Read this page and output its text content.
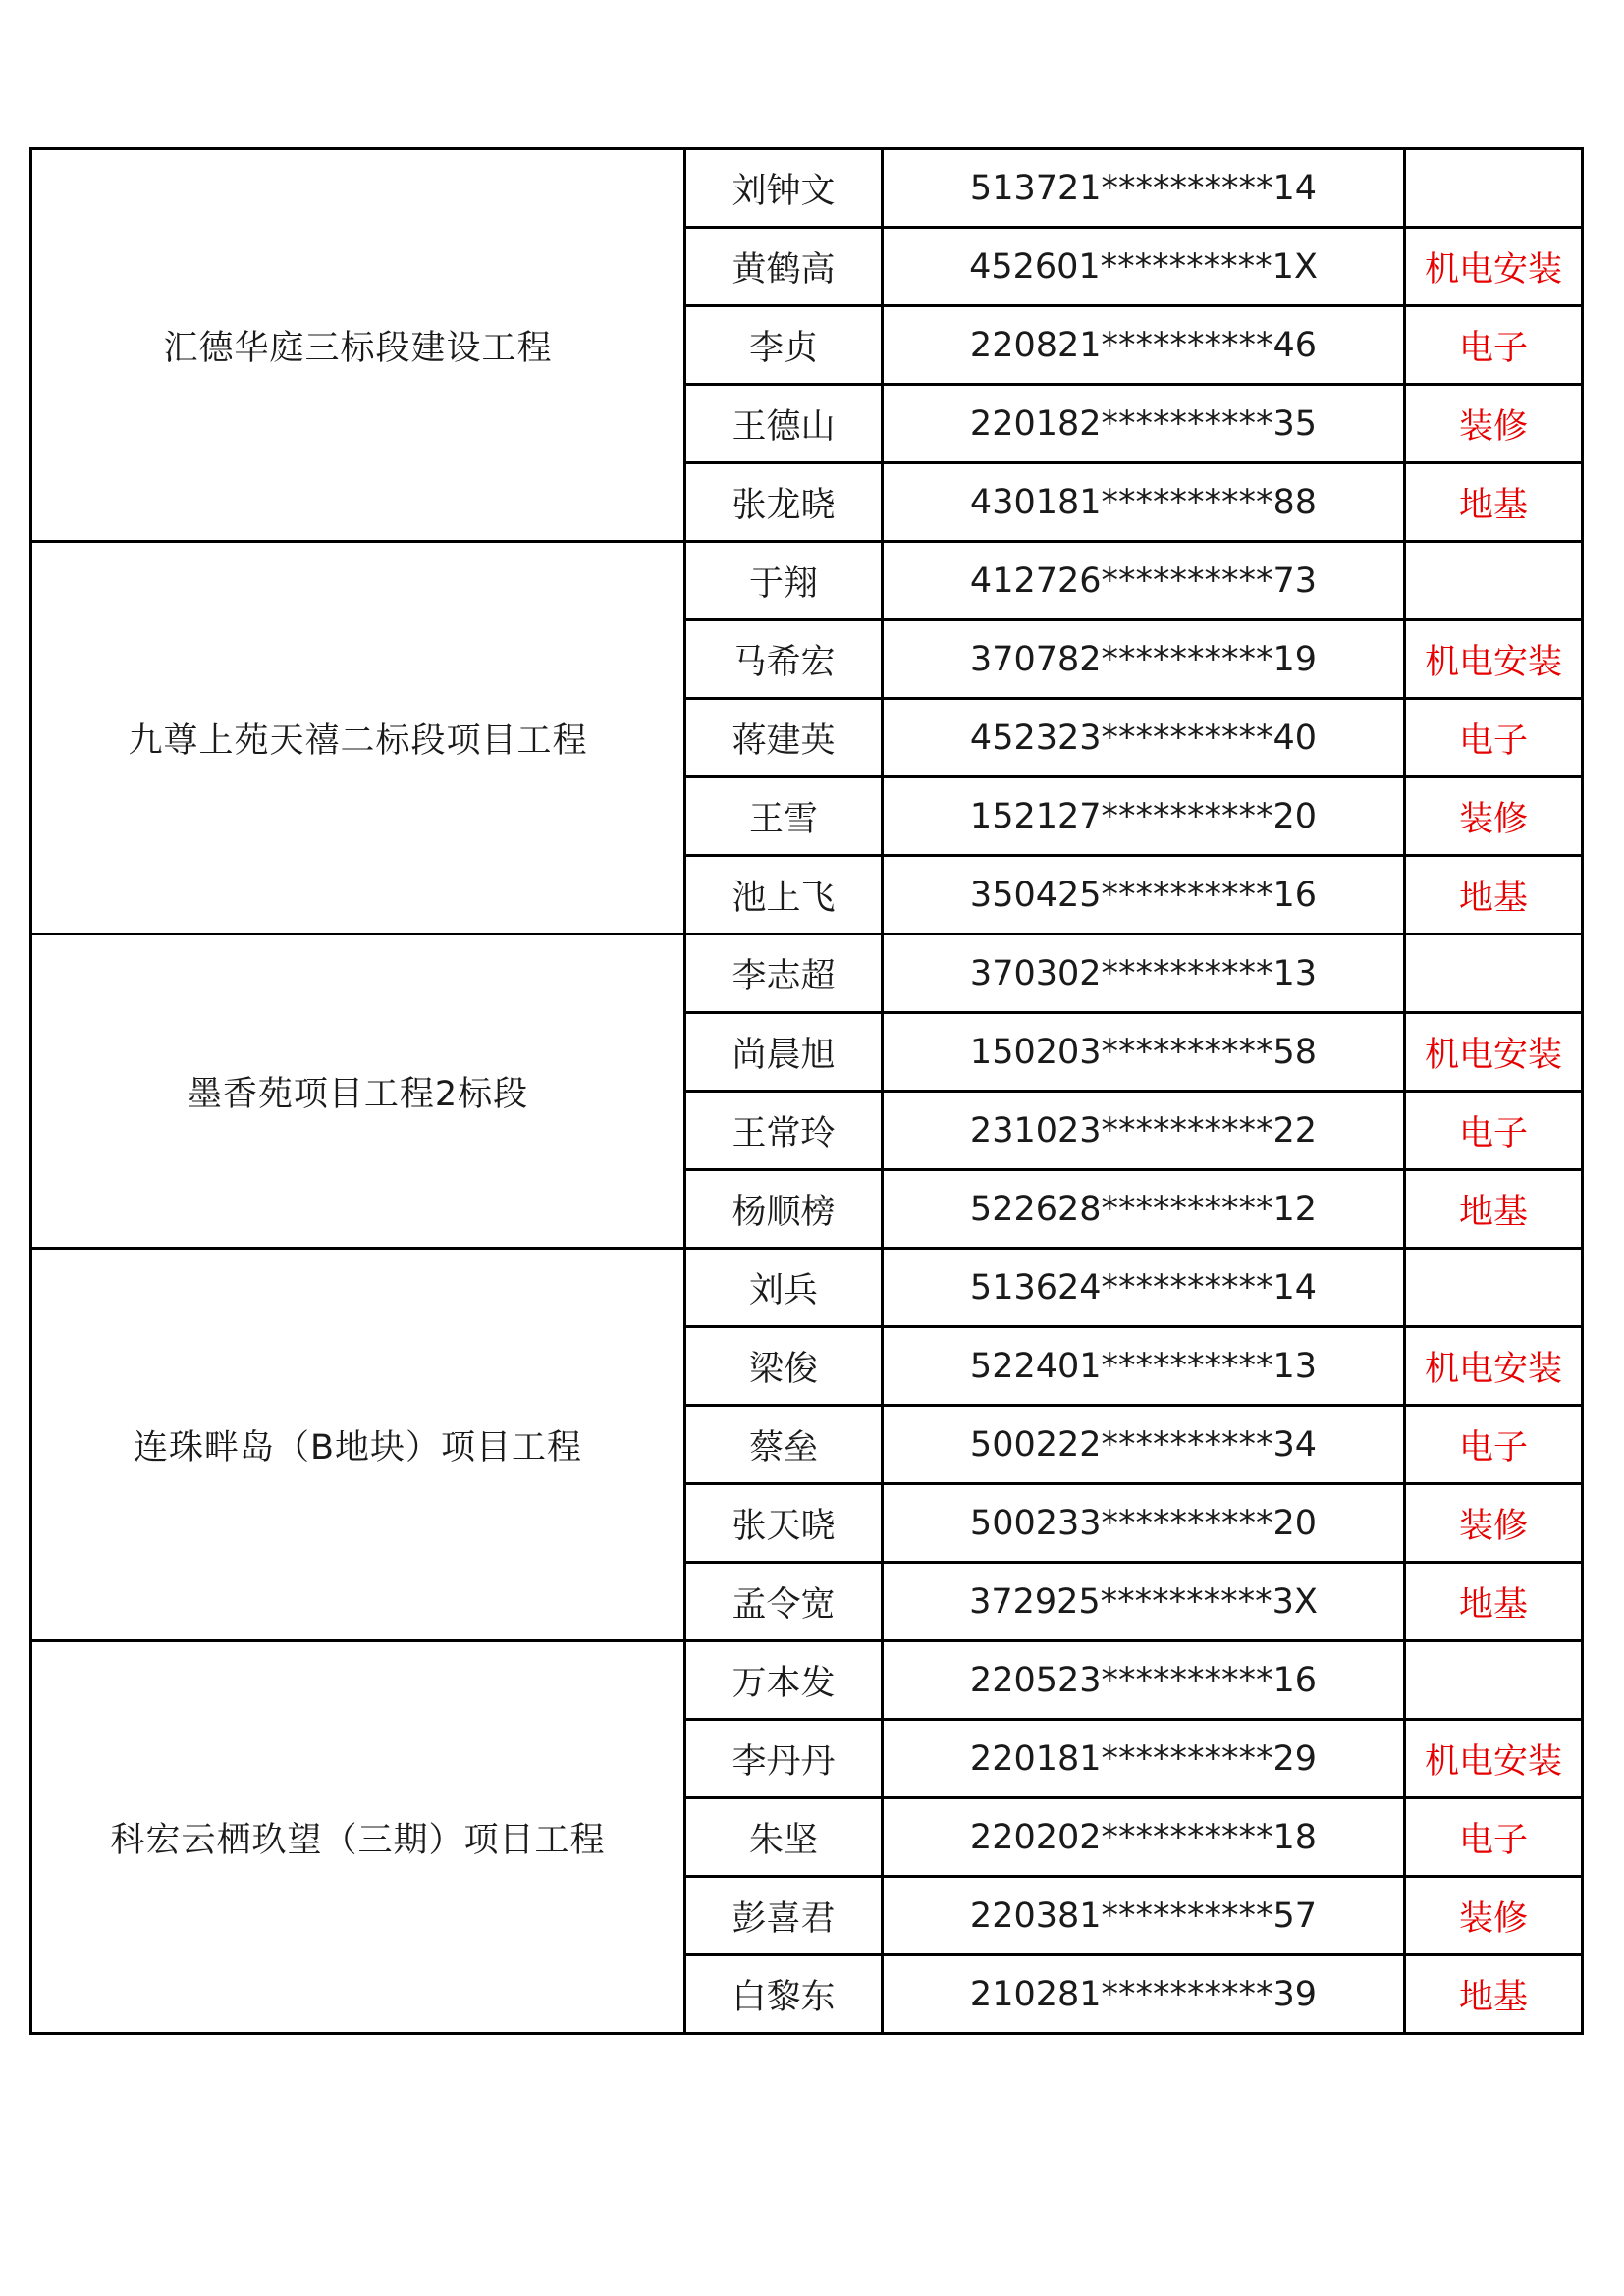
汇德华庭三标段建设工程	刘钟文	513721**********14	
	黄鹤高	452601**********1X	机电安装
	李贞	220821**********46	电子
	王德山	220182**********35	装修
	张龙晓	430181**********88	地基
九尊上苑天禧二标段项目工程	于翔	412726**********73	
	马希宏	370782**********19	机电安装
	蒋建英	452323**********40	电子
	王雪	152127**********20	装修
	池上飞	350425**********16	地基
墨香苑项目工程2标段	李志超	370302**********13	
	尚晨旭	150203**********58	机电安装
	王常玲	231023**********22	电子
	杨顺榜	522628**********12	地基
连珠畔岛（B地块）项目工程	刘兵	513624**********14	
	梁俊	522401**********13	机电安装
	蔡垒	500222**********34	电子
	张天晓	500233**********20	装修
	孟令宽	372925**********3X	地基
科宏云栖玖望（三期）项目工程	万本发	220523**********16	
	李丹丹	220181**********29	机电安装
	朱坚	220202**********18	电子
	彭喜君	220381**********57	装修
	白黎东	210281**********39	地基
